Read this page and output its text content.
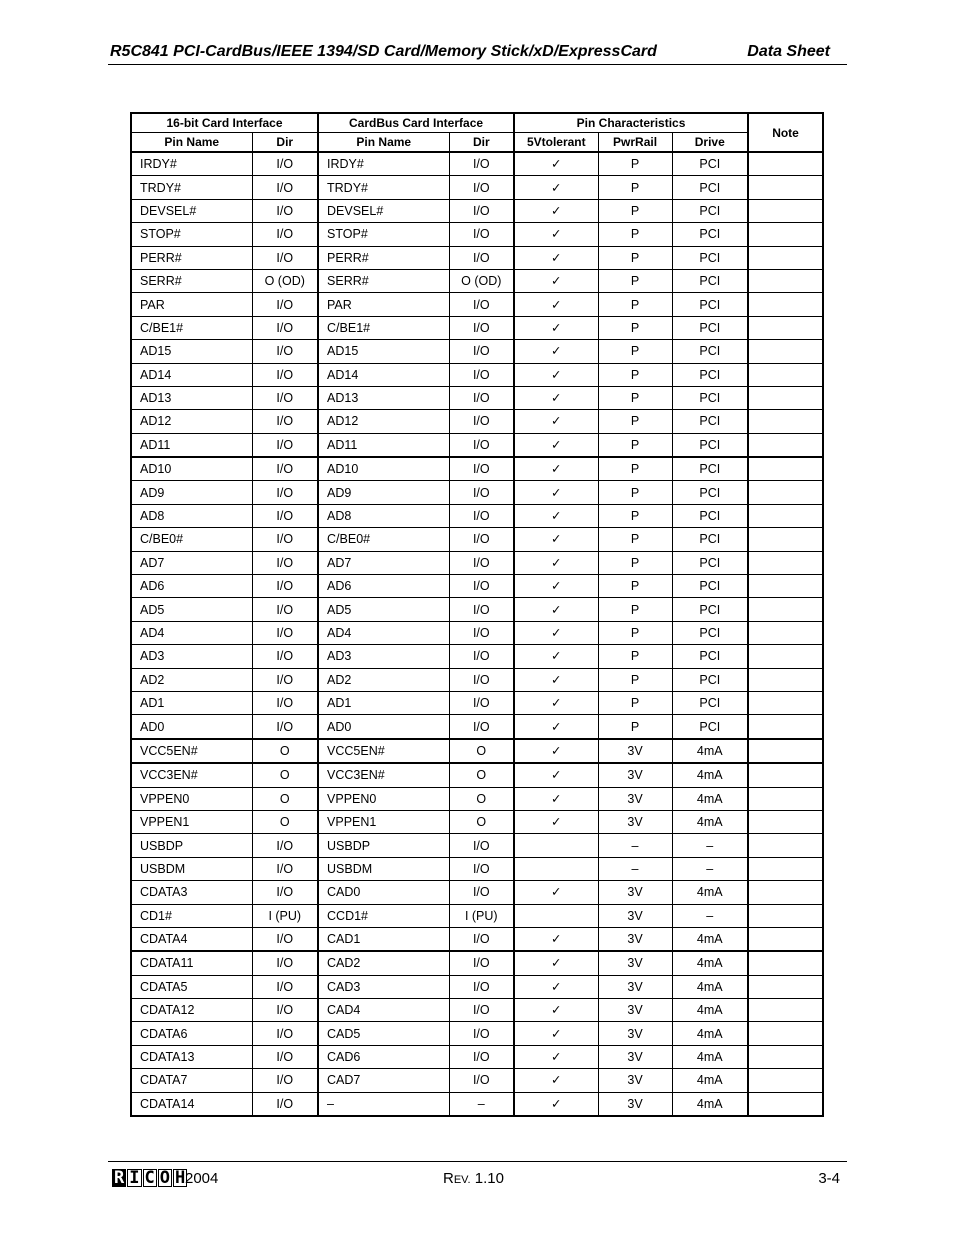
R5C841 PCI-CardBus/IEEE 1394/SD Card/Memory Stick/xD/ExpressCard	Data Sheet
16-bit Card Interface		CardBus Card Interface		Pin Characteristics			Note
Pin Name	Dir	Pin Name	Dir	5Vtolerant	PwrRail	Drive	
IRDY#	I/O	IRDY#	I/O	✓	P	PCI	
TRDY#	I/O	TRDY#	I/O	✓	P	PCI	
DEVSEL#	I/O	DEVSEL#	I/O	✓	P	PCI	
STOP#	I/O	STOP#	I/O	✓	P	PCI	
PERR#	I/O	PERR#	I/O	✓	P	PCI	
SERR#	O (OD)	SERR#	O (OD)	✓	P	PCI	
PAR	I/O	PAR	I/O	✓	P	PCI	
C/BE1#	I/O	C/BE1#	I/O	✓	P	PCI	
AD15	I/O	AD15	I/O	✓	P	PCI	
AD14	I/O	AD14	I/O	✓	P	PCI	
AD13	I/O	AD13	I/O	✓	P	PCI	
AD12	I/O	AD12	I/O	✓	P	PCI	
AD11	I/O	AD11	I/O	✓	P	PCI	
AD10	I/O	AD10	I/O	✓	P	PCI	
AD9	I/O	AD9	I/O	✓	P	PCI	
AD8	I/O	AD8	I/O	✓	P	PCI	
C/BE0#	I/O	C/BE0#	I/O	✓	P	PCI	
AD7	I/O	AD7	I/O	✓	P	PCI	
AD6	I/O	AD6	I/O	✓	P	PCI	
AD5	I/O	AD5	I/O	✓	P	PCI	
AD4	I/O	AD4	I/O	✓	P	PCI	
AD3	I/O	AD3	I/O	✓	P	PCI	
AD2	I/O	AD2	I/O	✓	P	PCI	
AD1	I/O	AD1	I/O	✓	P	PCI	
AD0	I/O	AD0	I/O	✓	P	PCI	
VCC5EN#	O	VCC5EN#	O	✓	3V	4mA	
VCC3EN#	O	VCC3EN#	O	✓	3V	4mA	
VPPEN0	O	VPPEN0	O	✓	3V	4mA	
VPPEN1	O	VPPEN1	O	✓	3V	4mA	
USBDP	I/O	USBDP	I/O		–	–	
USBDM	I/O	USBDM	I/O		–	–	
CDATA3	I/O	CAD0	I/O	✓	3V	4mA	
CD1#	I (PU)	CCD1#	I (PU)		3V	–	
CDATA4	I/O	CAD1	I/O	✓	3V	4mA	
CDATA11	I/O	CAD2	I/O	✓	3V	4mA	
CDATA5	I/O	CAD3	I/O	✓	3V	4mA	
CDATA12	I/O	CAD4	I/O	✓	3V	4mA	
CDATA6	I/O	CAD5	I/O	✓	3V	4mA	
CDATA13	I/O	CAD6	I/O	✓	3V	4mA	
CDATA7	I/O	CAD7	I/O	✓	3V	4mA	
CDATA14	I/O	–	–	✓	3V	4mA	
R I C O H 2004	REV. 1.10	3-4
